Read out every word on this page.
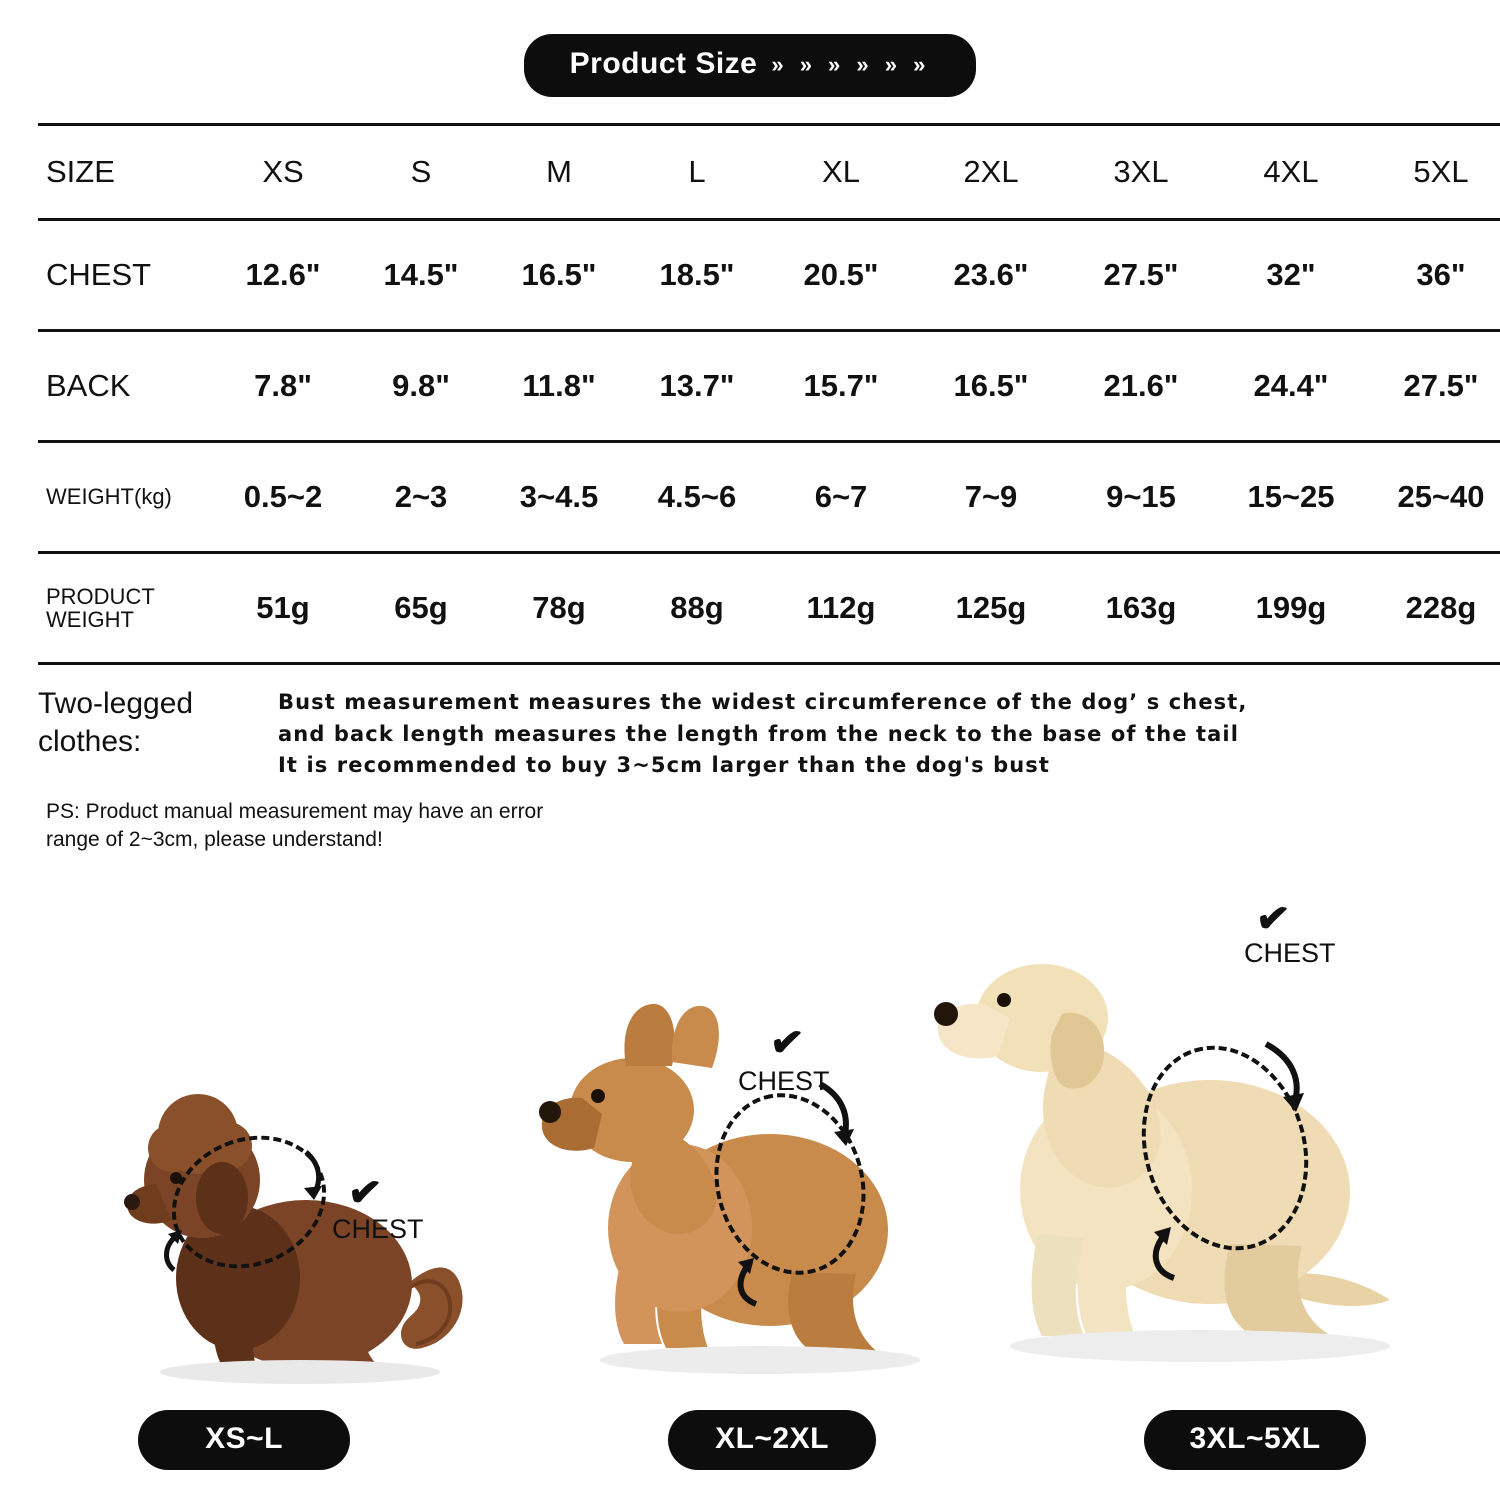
Product Size » » » » » »
SIZE	XS	S	M	L	XL	2XL	3XL	4XL	5XL
CHEST	12.6"	14.5"	16.5"	18.5"	20.5"	23.6"	27.5"	32"	36"
BACK	7.8"	9.8"	11.8"	13.7"	15.7"	16.5"	21.6"	24.4"	27.5"
WEIGHT(kg)	0.5~2	2~3	3~4.5	4.5~6	6~7	7~9	9~15	15~25	25~40
PRODUCT
WEIGHT	51g	65g	78g	88g	112g	125g	163g	199g	228g
Two-legged
clothes:
Bust measurement measures the widest circumference of the dog’ s chest,
and back length measures the length from the neck to the base of the tail
It is recommended to buy 3~5cm larger than the dog's bust
PS: Product manual measurement may have an error
range of 2~3cm, please understand!
✔
CHEST
✔
CHEST
✔
CHEST
XS~L	XL~2XL	3XL~5XL
